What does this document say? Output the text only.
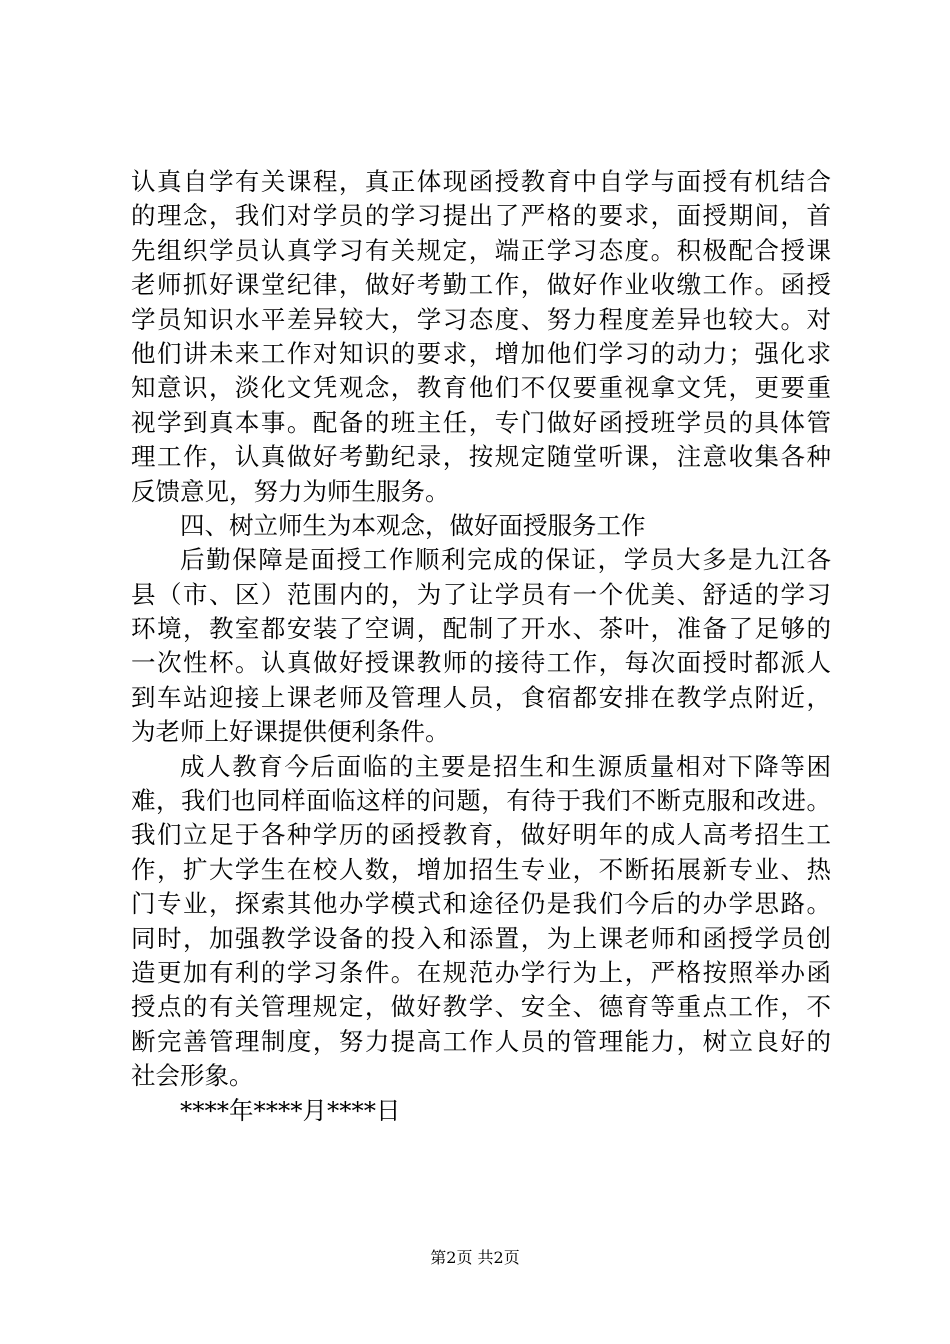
认真自学有关课程，真正体现函授教育中自学与面授有机结合
的理念，我们对学员的学习提出了严格的要求，面授期间，首
先组织学员认真学习有关规定，端正学习态度。积极配合授课
老师抓好课堂纪律，做好考勤工作，做好作业收缴工作。函授
学员知识水平差异较大，学习态度、努力程度差异也较大。对
他们讲未来工作对知识的要求，增加他们学习的动力；强化求
知意识，淡化文凭观念，教育他们不仅要重视拿文凭，更要重
视学到真本事。配备的班主任，专门做好函授班学员的具体管
理工作，认真做好考勤纪录，按规定随堂听课，注意收集各种
反馈意见，努力为师生服务。
四、树立师生为本观念，做好面授服务工作
后勤保障是面授工作顺利完成的保证，学员大多是九江各
县（市、区）范围内的，为了让学员有一个优美、舒适的学习
环境，教室都安装了空调，配制了开水、茶叶，准备了足够的
一次性杯。认真做好授课教师的接待工作，每次面授时都派人
到车站迎接上课老师及管理人员，食宿都安排在教学点附近，
为老师上好课提供便利条件。
成人教育今后面临的主要是招生和生源质量相对下降等困
难，我们也同样面临这样的问题，有待于我们不断克服和改进。
我们立足于各种学历的函授教育，做好明年的成人高考招生工
作，扩大学生在校人数，增加招生专业，不断拓展新专业、热
门专业，探索其他办学模式和途径仍是我们今后的办学思路。
同时，加强教学设备的投入和添置，为上课老师和函授学员创
造更加有利的学习条件。在规范办学行为上，严格按照举办函
授点的有关管理规定，做好教学、安全、德育等重点工作，不
断完善管理制度，努力提高工作人员的管理能力，树立良好的
社会形象。
****年****月****日
第2页 共2页
